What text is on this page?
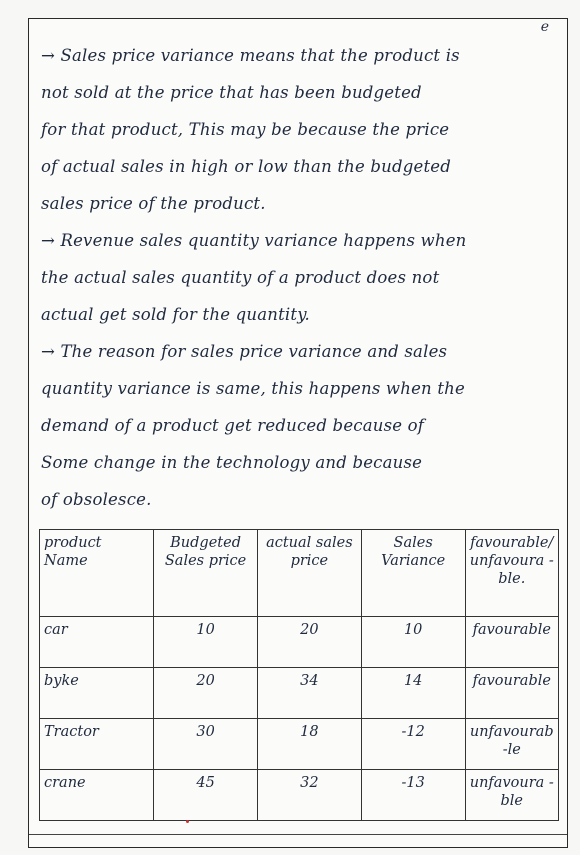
e

→ Sales price variance means that the product is
not sold at the price that has been budgeted
for that product, This may be because the price
of actual sales in high or low than the budgeted
sales price of the product.

→ Revenue sales quantity variance happens when
the actual sales quantity of a product does not
actual get sold for the quantity.

→ The reason for sales price variance and sales
quantity variance is same, this happens when the
demand of a product get reduced because of
Some change in the technology and because
of obsolesce.

product Name	Budgeted Sales price	actual sales price	Sales Variance	favourable/ unfavoura -ble.
car	10	20	10	favourable
byke	20	34	14	favourable
Tractor	30	18	-12	unfavourab -le
crane	45	32	-13	unfavoura -ble
